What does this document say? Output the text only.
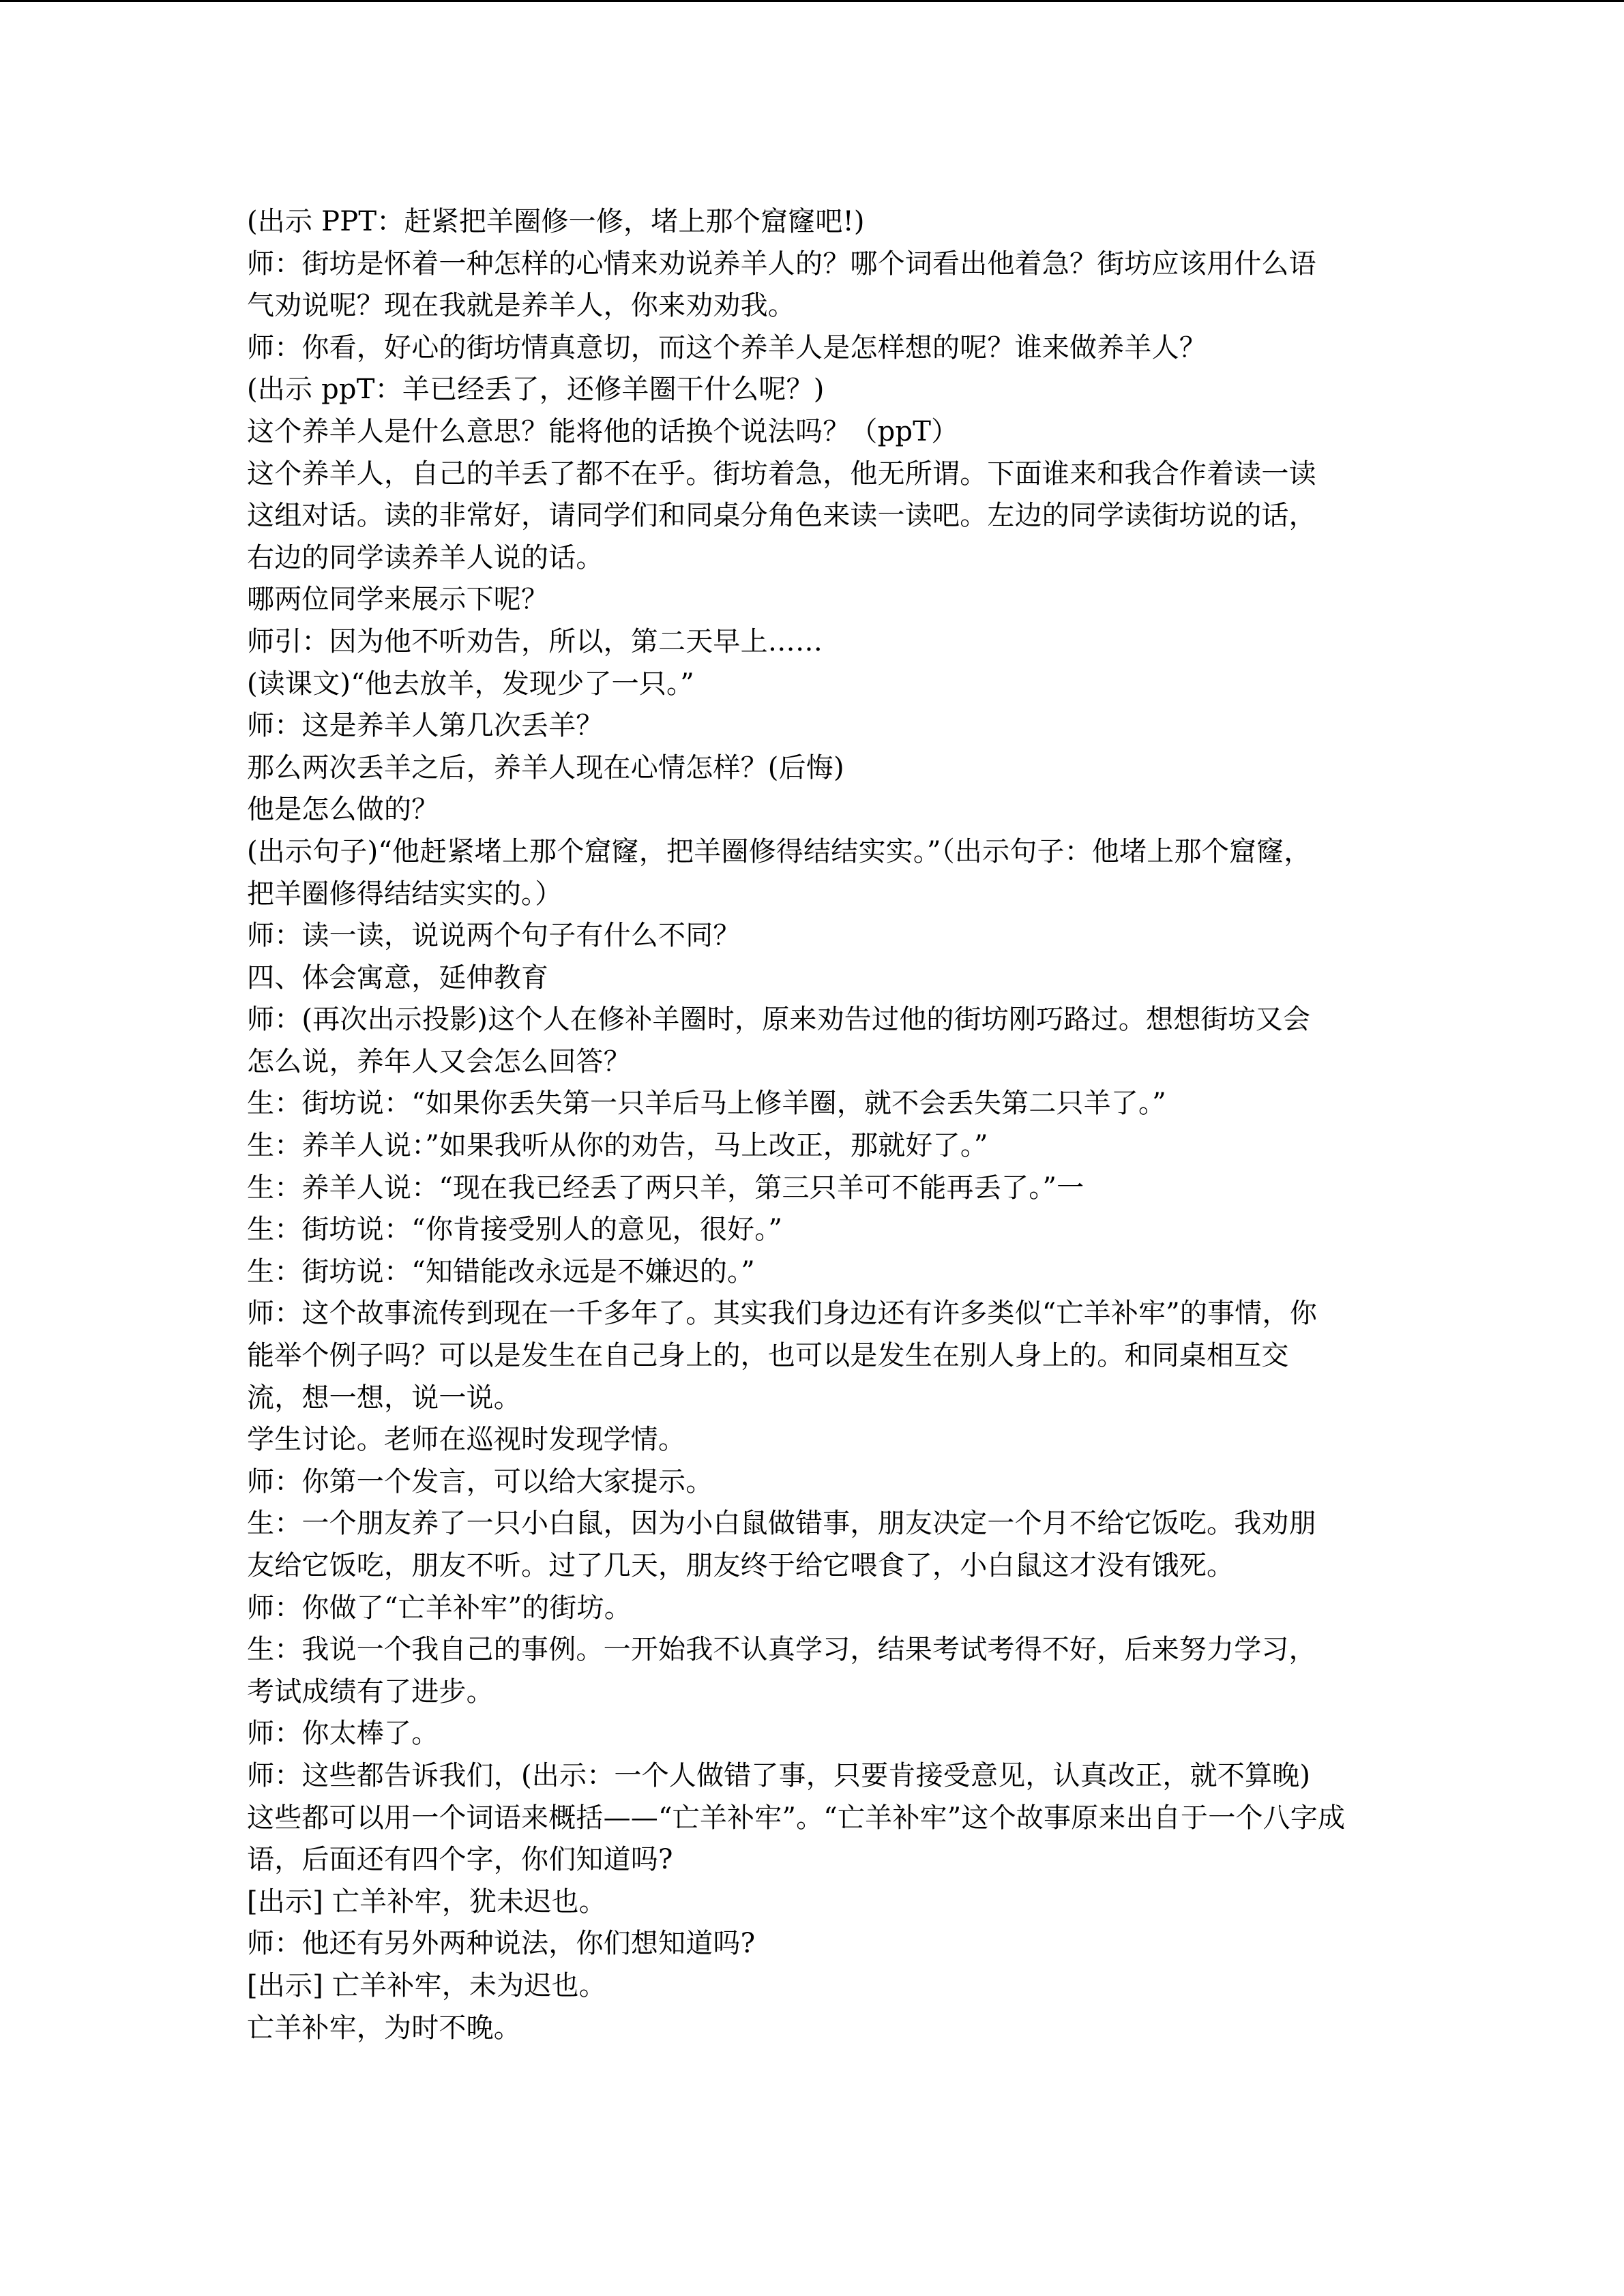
(出示 PPT：赶紧把羊圈修一修，堵上那个窟窿吧!)
师：街坊是怀着一种怎样的心情来劝说养羊人的？哪个词看出他着急？街坊应该用什么语
气劝说呢？现在我就是养羊人，你来劝劝我。
师：你看，好心的街坊情真意切，而这个养羊人是怎样想的呢？谁来做养羊人？
(出示 ppT：羊已经丢了，还修羊圈干什么呢？)
这个养羊人是什么意思？能将他的话换个说法吗？（ppT）
这个养羊人，自己的羊丢了都不在乎。街坊着急，他无所谓。下面谁来和我合作着读一读
这组对话。读的非常好，请同学们和同桌分角色来读一读吧。左边的同学读街坊说的话，
右边的同学读养羊人说的话。
哪两位同学来展示下呢？
师引：因为他不听劝告，所以，第二天早上……
(读课文)“他去放羊，发现少了一只。”
师：这是养羊人第几次丢羊？
那么两次丢羊之后，养羊人现在心情怎样？(后悔)
他是怎么做的？
(出示句子)“他赶紧堵上那个窟窿，把羊圈修得结结实实。”（出示句子：他堵上那个窟窿，
把羊圈修得结结实实的。）
师：读一读，说说两个句子有什么不同？
四、体会寓意，延伸教育
师：(再次出示投影)这个人在修补羊圈时，原来劝告过他的街坊刚巧路过。想想街坊又会
怎么说，养年人又会怎么回答？
生：街坊说：“如果你丢失第一只羊后马上修羊圈，就不会丢失第二只羊了。”
生：养羊人说：”如果我听从你的劝告，马上改正，那就好了。”
生：养羊人说：“现在我已经丢了两只羊，第三只羊可不能再丢了。”一
生：街坊说：“你肯接受别人的意见，很好。”
生：街坊说：“知错能改永远是不嫌迟的。”
师：这个故事流传到现在一千多年了。其实我们身边还有许多类似“亡羊补牢”的事情，你
能举个例子吗？可以是发生在自己身上的，也可以是发生在别人身上的。和同桌相互交
流，想一想，说一说。
学生讨论。老师在巡视时发现学情。
师：你第一个发言，可以给大家提示。
生：一个朋友养了一只小白鼠，因为小白鼠做错事，朋友决定一个月不给它饭吃。我劝朋
友给它饭吃，朋友不听。过了几天，朋友终于给它喂食了，小白鼠这才没有饿死。
师：你做了“亡羊补牢”的街坊。
生：我说一个我自己的事例。一开始我不认真学习，结果考试考得不好，后来努力学习，
考试成绩有了进步。
师：你太棒了。
师：这些都告诉我们，(出示：一个人做错了事，只要肯接受意见，认真改正，就不算晚)
这些都可以用一个词语来概括——“亡羊补牢”。“亡羊补牢”这个故事原来出自于一个八字成
语，后面还有四个字，你们知道吗?
[出示] 亡羊补牢，犹未迟也。
师：他还有另外两种说法，你们想知道吗?
[出示] 亡羊补牢，未为迟也。
亡羊补牢，为时不晚。
